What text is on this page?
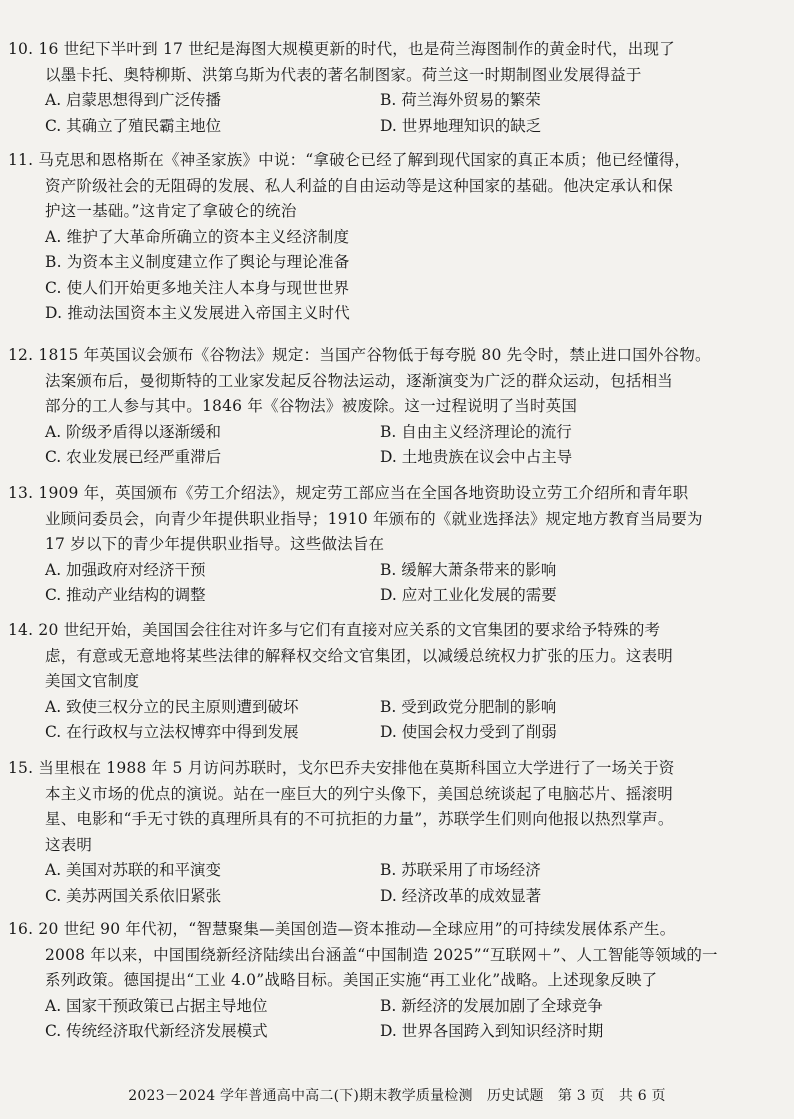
10. 16 世纪下半叶到 17 世纪是海图大规模更新的时代，也是荷兰海图制作的黄金时代，出现了
以墨卡托、奥特柳斯、洪第乌斯为代表的著名制图家。荷兰这一时期制图业发展得益于
A. 启蒙思想得到广泛传播	B. 荷兰海外贸易的繁荣
C. 其确立了殖民霸主地位	D. 世界地理知识的缺乏
11. 马克思和恩格斯在《神圣家族》中说：“拿破仑已经了解到现代国家的真正本质；他已经懂得，
资产阶级社会的无阻碍的发展、私人利益的自由运动等是这种国家的基础。他决定承认和保
护这一基础。”这肯定了拿破仑的统治
A. 维护了大革命所确立的资本主义经济制度
B. 为资本主义制度建立作了舆论与理论准备
C. 使人们开始更多地关注人本身与现世世界
D. 推动法国资本主义发展进入帝国主义时代
12. 1815 年英国议会颁布《谷物法》规定：当国产谷物低于每夸脱 80 先令时，禁止进口国外谷物。
法案颁布后，曼彻斯特的工业家发起反谷物法运动，逐渐演变为广泛的群众运动，包括相当
部分的工人参与其中。1846 年《谷物法》被废除。这一过程说明了当时英国
A. 阶级矛盾得以逐渐缓和	B. 自由主义经济理论的流行
C. 农业发展已经严重滞后	D. 土地贵族在议会中占主导
13. 1909 年，英国颁布《劳工介绍法》，规定劳工部应当在全国各地资助设立劳工介绍所和青年职
业顾问委员会，向青少年提供职业指导；1910 年颁布的《就业选择法》规定地方教育当局要为
17 岁以下的青少年提供职业指导。这些做法旨在
A. 加强政府对经济干预	B. 缓解大萧条带来的影响
C. 推动产业结构的调整	D. 应对工业化发展的需要
14. 20 世纪开始，美国国会往往对许多与它们有直接对应关系的文官集团的要求给予特殊的考
虑，有意或无意地将某些法律的解释权交给文官集团，以减缓总统权力扩张的压力。这表明
美国文官制度
A. 致使三权分立的民主原则遭到破坏	B. 受到政党分肥制的影响
C. 在行政权与立法权博弈中得到发展	D. 使国会权力受到了削弱
15. 当里根在 1988 年 5 月访问苏联时，戈尔巴乔夫安排他在莫斯科国立大学进行了一场关于资
本主义市场的优点的演说。站在一座巨大的列宁头像下，美国总统谈起了电脑芯片、摇滚明
星、电影和“手无寸铁的真理所具有的不可抗拒的力量”，苏联学生们则向他报以热烈掌声。
这表明
A. 美国对苏联的和平演变	B. 苏联采用了市场经济
C. 美苏两国关系依旧紧张	D. 经济改革的成效显著
16. 20 世纪 90 年代初，“智慧聚集—美国创造—资本推动—全球应用”的可持续发展体系产生。
2008 年以来，中国围绕新经济陆续出台涵盖“中国制造 2025”“互联网＋”、人工智能等领域的一
系列政策。德国提出“工业 4.0”战略目标。美国正实施“再工业化”战略。上述现象反映了
A. 国家干预政策已占据主导地位	B. 新经济的发展加剧了全球竞争
C. 传统经济取代新经济发展模式	D. 世界各国跨入到知识经济时期
2023－2024 学年普通高中高二(下)期末教学质量检测　历史试题　第 3 页　共 6 页
